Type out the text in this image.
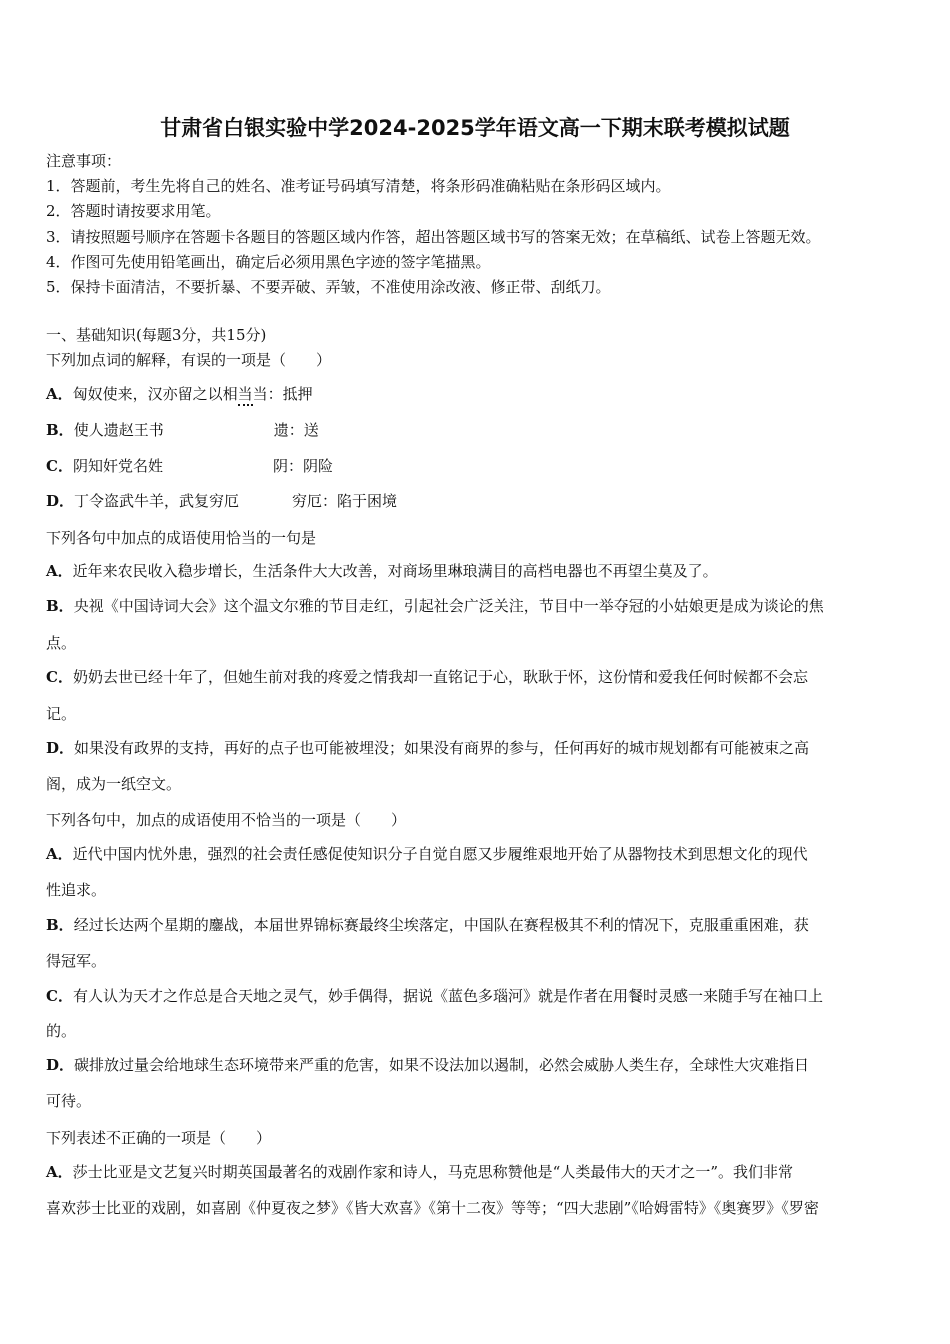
甘肃省白银实验中学2024-2025学年语文高一下期末联考模拟试题
注意事项：
1．答题前，考生先将自己的姓名、准考证号码填写清楚，将条形码准确粘贴在条形码区域内。
2．答题时请按要求用笔。
3．请按照题号顺序在答题卡各题目的答题区域内作答，超出答题区域书写的答案无效；在草稿纸、试卷上答题无效。
4．作图可先使用铅笔画出，确定后必须用黑色字迹的签字笔描黑。
5．保持卡面清洁，不要折暴、不要弄破、弄皱，不准使用涂改液、修正带、刮纸刀。
一、基础知识(每题3分，共15分)
下列加点词的解释，有误的一项是（　　）
A．匈奴使来，汉亦留之以相当当：抵押
B．使人遗赵王书	遗：送
C．阴知奸党名姓	阴：阴险
D．丁令盗武牛羊，武复穷厄	穷厄：陷于困境
下列各句中加点的成语使用恰当的一句是
A．近年来农民收入稳步增长，生活条件大大改善，对商场里琳琅满目的高档电器也不再望尘莫及了。
B．央视《中国诗词大会》这个温文尔雅的节目走红，引起社会广泛关注，节目中一举夺冠的小姑娘更是成为谈论的焦
点。
C．奶奶去世已经十年了，但她生前对我的疼爱之情我却一直铭记于心，耿耿于怀，这份情和爱我任何时候都不会忘
记。
D．如果没有政界的支持，再好的点子也可能被埋没；如果没有商界的参与，任何再好的城市规划都有可能被束之高
阁，成为一纸空文。
下列各句中，加点的成语使用不恰当的一项是（　　）
A．近代中国内忧外患，强烈的社会责任感促使知识分子自觉自愿又步履维艰地开始了从器物技术到思想文化的现代
性追求。
B．经过长达两个星期的鏖战，本届世界锦标赛最终尘埃落定，中国队在赛程极其不利的情况下，克服重重困难，获
得冠军。
C．有人认为天才之作总是合天地之灵气，妙手偶得，据说《蓝色多瑙河》就是作者在用餐时灵感一来随手写在袖口上
的。
D．碳排放过量会给地球生态环境带来严重的危害，如果不设法加以遏制，必然会威胁人类生存，全球性大灾难指日
可待。
下列表述不正确的一项是（　　）
A．莎士比亚是文艺复兴时期英国最著名的戏剧作家和诗人，马克思称赞他是“人类最伟大的天才之一”。我们非常
喜欢莎士比亚的戏剧，如喜剧《仲夏夜之梦》《皆大欢喜》《第十二夜》等等；“四大悲剧”《哈姆雷特》《奥赛罗》《罗密
